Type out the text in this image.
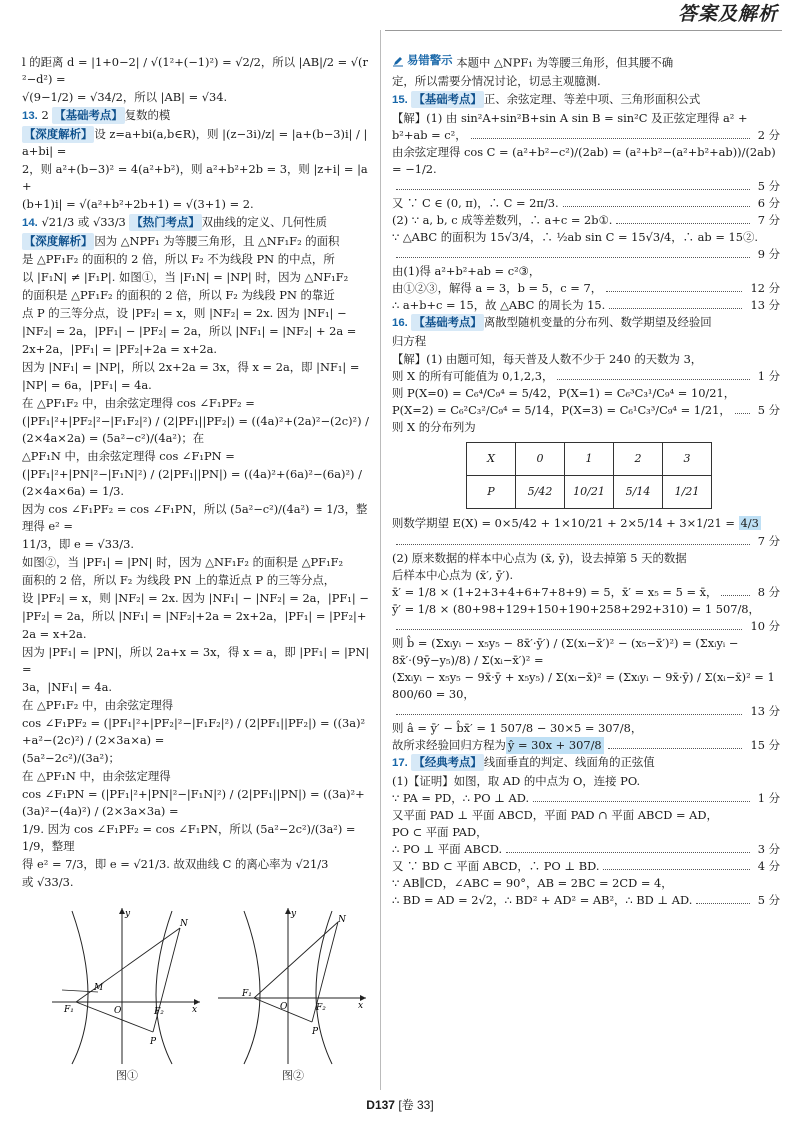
答案及解析

l 的距离 d = |1+0−2| / √(1²+(−1)²) = √2/2，所以 |AB|/2 = √(r²−d²) =

√(9−1/2) = √34/2，所以 |AB| = √34.

13. 2 【基础考点】 复数的模

【深度解析】 设 z=a+bi(a,b∈R)，则 |(z−3i)/z| = |a+(b−3)i| / |a+bi| =

2，则 a²+(b−3)² = 4(a²+b²)，则 a²+b²+2b = 3，则 |z+i| = |a+

(b+1)i| = √(a²+b²+2b+1) = √(3+1) = 2.

14. √21/3 或 √33/3 【热门考点】 双曲线的定义、几何性质

【深度解析】 因为 △NPF₁ 为等腰三角形，且 △NF₁F₂ 的面积

是 △PF₁F₂ 的面积的 2 倍，所以 F₂ 不为线段 PN 的中点，所

以 |F₁N| ≠ |F₁P|. 如图①，当 |F₁N| = |NP| 时，因为 △NF₁F₂

的面积是 △PF₁F₂ 的面积的 2 倍，所以 F₂ 为线段 PN 的靠近

点 P 的三等分点，设 |PF₂| = x，则 |NF₂| = 2x. 因为 |NF₁| −

|NF₂| = 2a，|PF₁| − |PF₂| = 2a，所以 |NF₁| = |NF₂| + 2a =

2x+2a，|PF₁| = |PF₂|+2a = x+2a.

因为 |NF₁| = |NP|，所以 2x+2a = 3x，得 x = 2a，即 |NF₁| =

|NP| = 6a，|PF₁| = 4a.

在 △PF₁F₂ 中，由余弦定理得 cos ∠F₁PF₂ =

(|PF₁|²+|PF₂|²−|F₁F₂|²) / (2|PF₁||PF₂|) = ((4a)²+(2a)²−(2c)²) / (2×4a×2a) = (5a²−c²)/(4a²)；在

△PF₁N 中，由余弦定理得 cos ∠F₁PN =

(|PF₁|²+|PN|²−|F₁N|²) / (2|PF₁||PN|) = ((4a)²+(6a)²−(6a)²) / (2×4a×6a) = 1/3.

因为 cos ∠F₁PF₂ = cos ∠F₁PN，所以 (5a²−c²)/(4a²) = 1/3，整理得 e² =

11/3，即 e = √33/3.

如图②，当 |PF₁| = |PN| 时，因为 △NF₁F₂ 的面积是 △PF₁F₂

面积的 2 倍，所以 F₂ 为线段 PN 上的靠近点 P 的三等分点，

设 |PF₂| = x，则 |NF₂| = 2x. 因为 |NF₁| − |NF₂| = 2a，|PF₁| −

|PF₂| = 2a，所以 |NF₁| = |NF₂|+2a = 2x+2a，|PF₁| = |PF₂|+

2a = x+2a.

因为 |PF₁| = |PN|，所以 2a+x = 3x，得 x = a，即 |PF₁| = |PN| =

3a，|NF₁| = 4a.

在 △PF₁F₂ 中，由余弦定理得

cos ∠F₁PF₂ = (|PF₁|²+|PF₂|²−|F₁F₂|²) / (2|PF₁||PF₂|) = ((3a)²+a²−(2c)²) / (2×3a×a) =

(5a²−2c²)/(3a²)；

在 △PF₁N 中，由余弦定理得

cos ∠F₁PN = (|PF₁|²+|PN|²−|F₁N|²) / (2|PF₁||PN|) = ((3a)²+(3a)²−(4a)²) / (2×3a×3a) =

1/9. 因为 cos ∠F₁PF₂ = cos ∠F₁PN，所以 (5a²−2c²)/(3a²) = 1/9，整理

得 e² = 7/3，即 e = √21/3. 故双曲线 C 的离心率为 √21/3

或 √33/3.

y
x
N
M
F₁	O	F₂
P
图①
y
x
N
F₁
O	F₂
P
图②

易错警示 本题中 △NPF₁ 为等腰三角形，但其腰不确

定，所以需要分情况讨论，切忌主观臆测.

15. 【基础考点】 正、余弦定理、等差中项、三角形面积公式

【解】(1) 由 sin²A+sin²B+sin A sin B = sin²C 及正弦定理得 a² +
b²+ab = c²，	2 分
由余弦定理得 cos C = (a²+b²−c²)/(2ab) = (a²+b²−(a²+b²+ab))/(2ab) = −1/2.
5 分
又 ∵ C ∈ (0, π)，∴ C = 2π/3.	6 分
(2) ∵ a, b, c 成等差数列，∴ a+c = 2b①.	7 分
∵ △ABC 的面积为 15√3/4，∴ ½ab sin C = 15√3/4，∴ ab = 15②.
9 分
由(1)得 a²+b²+ab = c²③，
由①②③，解得 a = 3，b = 5，c = 7，	12 分
∴ a+b+c = 15，故 △ABC 的周长为 15.	13 分

16. 【基础考点】 离散型随机变量的分布列、数学期望及经验回

归方程

【解】(1) 由题可知，每天普及人数不少于 240 的天数为 3，
则 X 的所有可能值为 0,1,2,3，	1 分
则 P(X=0) = C₆⁴/C₉⁴ = 5/42，P(X=1) = C₆³C₃¹/C₉⁴ = 10/21，
P(X=2) = C₆²C₃²/C₉⁴ = 5/14，P(X=3) = C₆¹C₃³/C₉⁴ = 1/21，	5 分
则 X 的分布列为
X	0	1	2	3
P	5/42	10/21	5/14	1/21

则数学期望 E(X) = 0×5/42 + 1×10/21 + 2×5/14 + 3×1/21 = 4/3

7 分
(2) 原来数据的样本中心点为 (x̄, ȳ)，设去掉第 5 天的数据
后样本中心点为 (x̄′, ȳ′).
x̄′ = 1/8 × (1+2+3+4+6+7+8+9) = 5，x̄′ = x₅ = 5 = x̄，	8 分
ȳ′ = 1/8 × (80+98+129+150+190+258+292+310) = 1 507/8，
10 分
则 b̂ = (Σxᵢyᵢ − x₅y₅ − 8x̄′·ȳ′) / (Σ(xᵢ−x̄′)² − (x₅−x̄′)²) = (Σxᵢyᵢ − 8x̄′·(9ȳ−y₅)/8) / Σ(xᵢ−x̄′)² =
(Σxᵢyᵢ − x₅y₅ − 9x̄·ȳ + x₅y₅) / Σ(xᵢ−x̄)² = (Σxᵢyᵢ − 9x̄·ȳ) / Σ(xᵢ−x̄)² = 1 800/60 = 30，
13 分
则 â = ȳ′ − b̂x̄′ = 1 507/8 − 30×5 = 307/8，
故所求经验回归方程为 ŷ = 30x + 307/8	15 分

17. 【经典考点】 线面垂直的判定、线面角的正弦值

(1)【证明】如图，取 AD 的中点为 O，连接 PO.
∵ PA = PD，∴ PO ⊥ AD.	1 分
又平面 PAD ⊥ 平面 ABCD，平面 PAD ∩ 平面 ABCD = AD，
PO ⊂ 平面 PAD，
∴ PO ⊥ 平面 ABCD.	3 分
又 ∵ BD ⊂ 平面 ABCD，∴ PO ⊥ BD.	4 分
∵ AB∥CD，∠ABC = 90°，AB = 2BC = 2CD = 4，
∴ BD = AD = 2√2，∴ BD² + AD² = AB²，∴ BD ⊥ AD.	5 分
D137 [卷 33]
